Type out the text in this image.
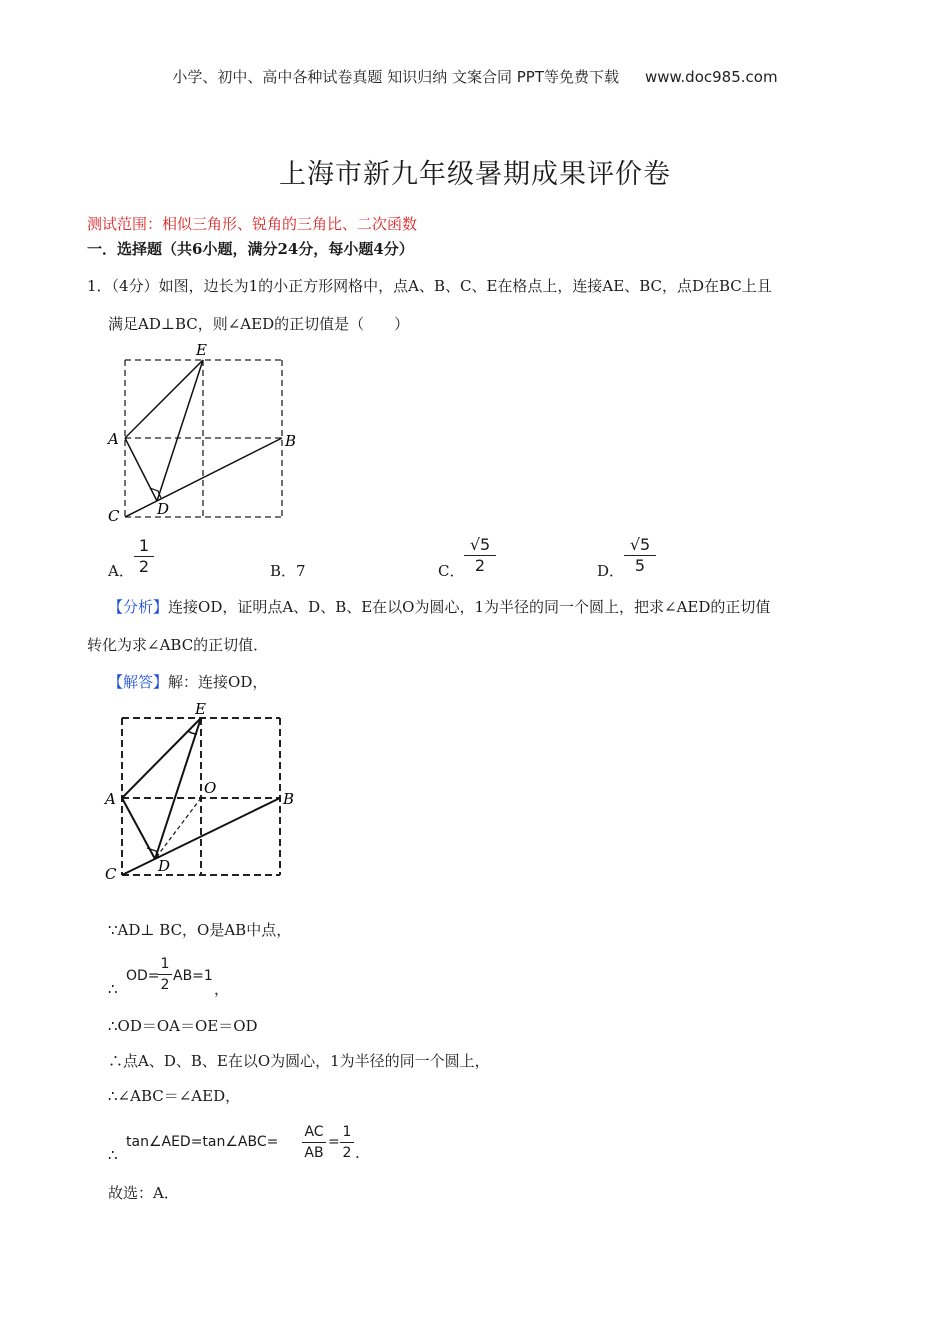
小学、初中、高中各种试卷真题 知识归纳 文案合同 PPT等免费下载 www.doc985.com
上海市新九年级暑期成果评价卷
测试范围：相似三角形、锐角的三角比、二次函数
一．选择题（共6小题，满分24分，每小题4分）
1．（4分）如图，边长为1的小正方形网格中，点A、B、C、E在格点上，连接AE、BC，点D在BC上且
满足AD⊥BC，则∠AED的正切值是（　　）
E
A	B
C	D
A．
1
2	B．7	C．
√5
2	D．
√5
5
【分析】连接OD，证明点A、D、B、E在以O为圆心，1为半径的同一个圆上，把求∠AED的正切值
转化为求∠ABC的正切值．
【解答】解：连接OD，
E
A
O
B
C	D
∵AD⊥ BC，O是AB中点，
∴
OD=
1
2
AB=1
，
∴OD＝OA＝OE＝OD
∴点A、D、B、E在以O为圆心，1为半径的同一个圆上，
∴∠ABC＝∠AED，
∴
tan∠AED=tan∠ABC=
AC
AB
=
1
2 .
故选：A．
